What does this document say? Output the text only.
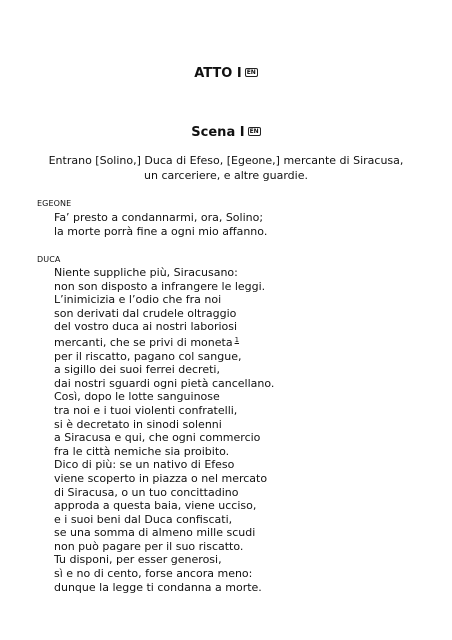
ATTO I EN
Scena I EN
Entrano [Solino,] Duca di Efeso, [Egeone,] mercante di Siracusa, un carceriere, e altre guardie.
EGEONE
Fa’ presto a condannarmi, ora, Solino;
la morte porrà fine a ogni mio affanno.
DUCA
Niente suppliche più, Siracusano:
non son disposto a infrangere le leggi.
L’inimicizia e l’odio che fra noi
son derivati dal crudele oltraggio
del vostro duca ai nostri laboriosi
mercanti, che se privi di moneta $^1$
per il riscatto, pagano col sangue,
a sigillo dei suoi ferrei decreti,
dai nostri sguardi ogni pietà cancellano.
Così, dopo le lotte sanguinose
tra noi e i tuoi violenti confratelli,
si è decretato in sinodi solenni
a Siracusa e qui, che ogni commercio
fra le città nemiche sia proibito.
Dico di più: se un nativo di Efeso
viene scoperto in piazza o nel mercato
di Siracusa, o un tuo concittadino
approda a questa baia, viene ucciso,
e i suoi beni dal Duca confiscati,
se una somma di almeno mille scudi
non può pagare per il suo riscatto.
Tu disponi, per esser generosi,
sì e no di cento, forse ancora meno:
dunque la legge ti condanna a morte.
